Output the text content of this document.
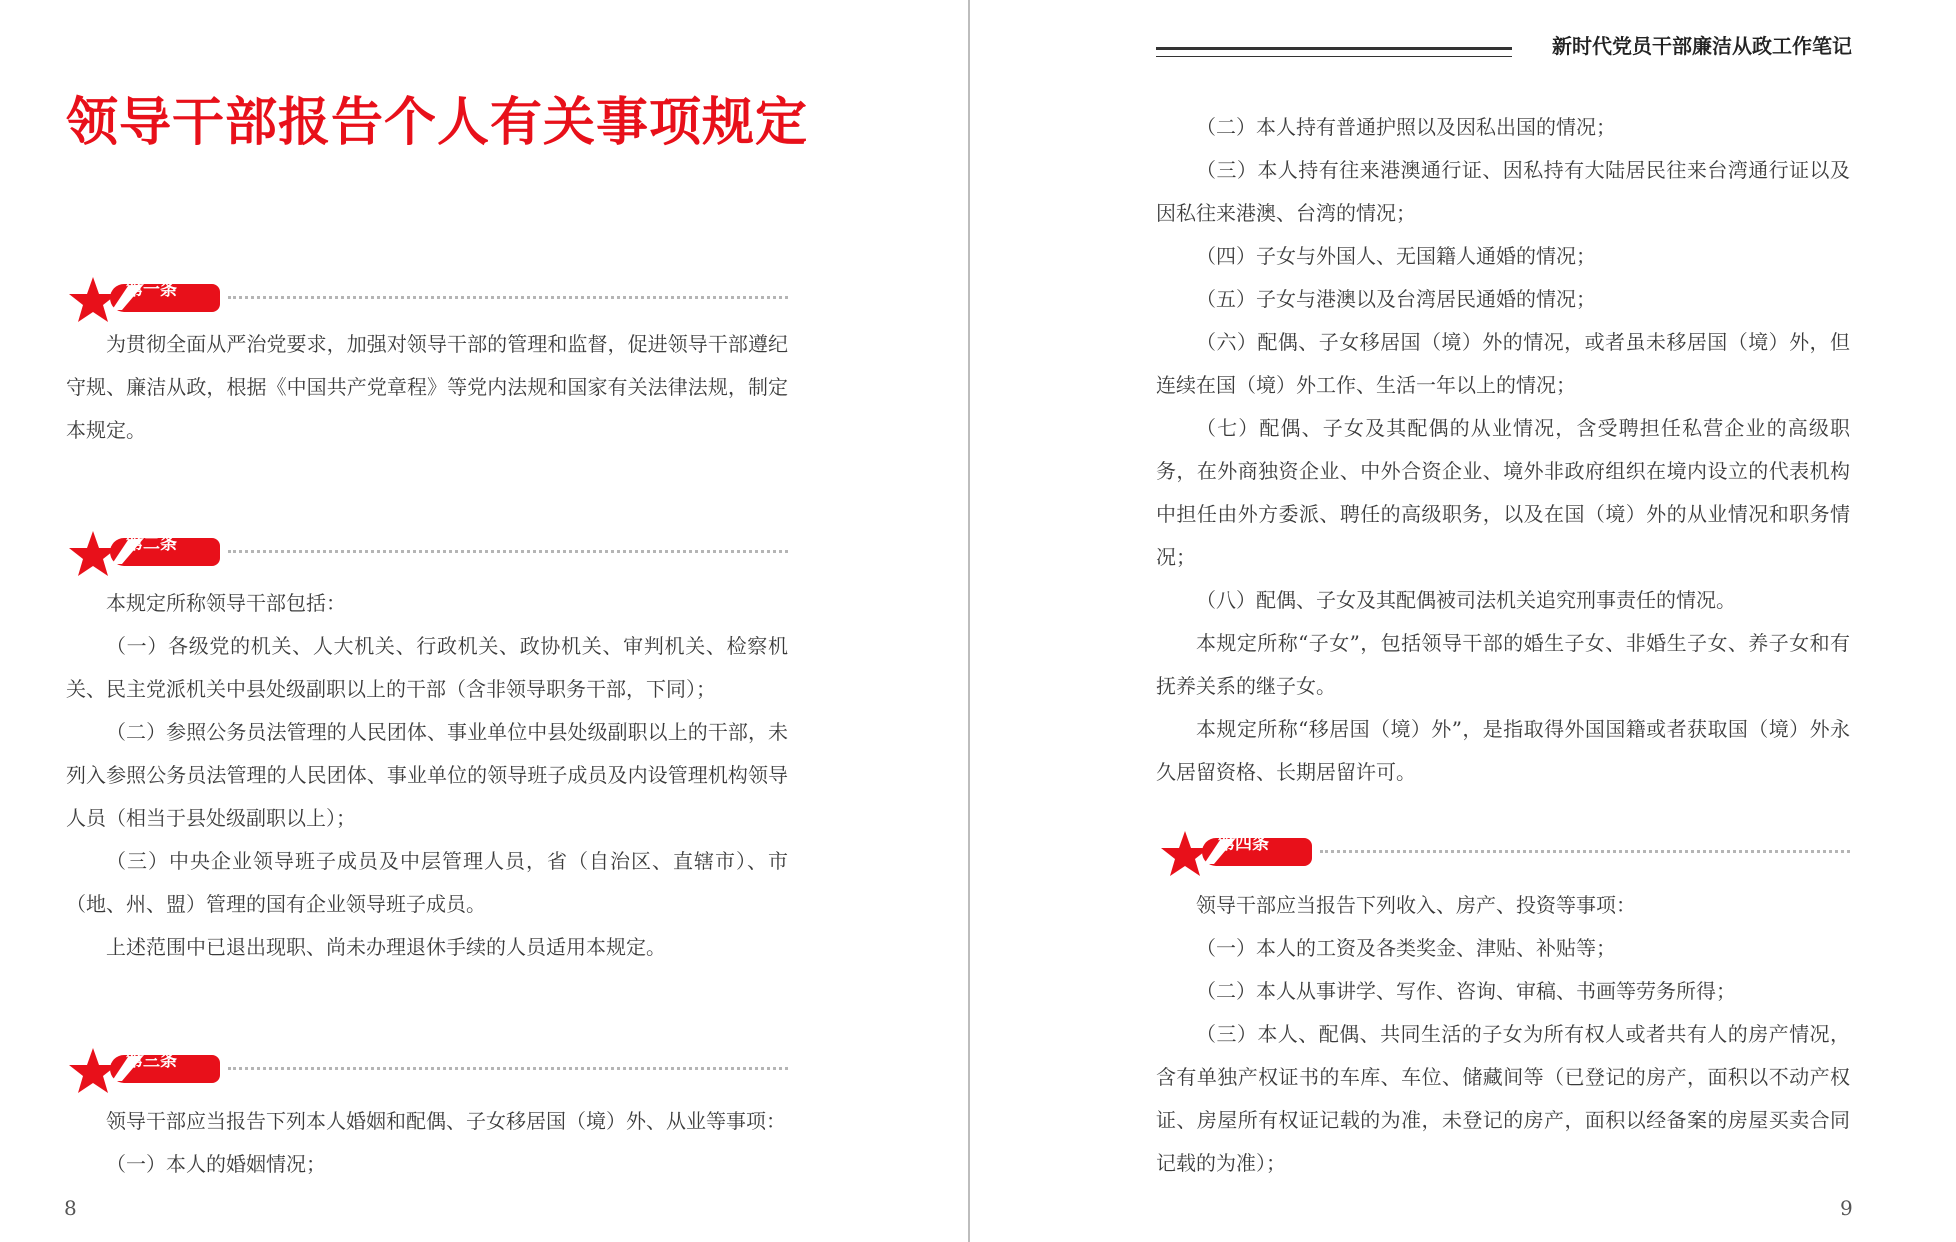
领导干部报告个人有关事项规定
第一条

为贯彻全面从严治党要求，加强对领导干部的管理和监督，促进领导干部遵纪守规、廉洁从政，根据《中国共产党章程》等党内法规和国家有关法律法规，制定本规定。

第二条

本规定所称领导干部包括：

（一）各级党的机关、人大机关、行政机关、政协机关、审判机关、检察机关、民主党派机关中县处级副职以上的干部（含非领导职务干部，下同）；

（二）参照公务员法管理的人民团体、事业单位中县处级副职以上的干部，未列入参照公务员法管理的人民团体、事业单位的领导班子成员及内设管理机构领导人员（相当于县处级副职以上）；

（三）中央企业领导班子成员及中层管理人员，省（自治区、直辖市）、市（地、州、盟）管理的国有企业领导班子成员。

上述范围中已退出现职、尚未办理退休手续的人员适用本规定。

第三条

领导干部应当报告下列本人婚姻和配偶、子女移居国（境）外、从业等事项：

（一）本人的婚姻情况；

8
新时代党员干部廉洁从政工作笔记

（二）本人持有普通护照以及因私出国的情况；

（三）本人持有往来港澳通行证、因私持有大陆居民往来台湾通行证以及因私往来港澳、台湾的情况；

（四）子女与外国人、无国籍人通婚的情况；

（五）子女与港澳以及台湾居民通婚的情况；

（六）配偶、子女移居国（境）外的情况，或者虽未移居国（境）外，但连续在国（境）外工作、生活一年以上的情况；

（七）配偶、子女及其配偶的从业情况，含受聘担任私营企业的高级职务，在外商独资企业、中外合资企业、境外非政府组织在境内设立的代表机构中担任由外方委派、聘任的高级职务，以及在国（境）外的从业情况和职务情况；

（八）配偶、子女及其配偶被司法机关追究刑事责任的情况。

本规定所称“子女”，包括领导干部的婚生子女、非婚生子女、养子女和有抚养关系的继子女。

本规定所称“移居国（境）外”，是指取得外国国籍或者获取国（境）外永久居留资格、长期居留许可。

第四条

领导干部应当报告下列收入、房产、投资等事项：

（一）本人的工资及各类奖金、津贴、补贴等；

（二）本人从事讲学、写作、咨询、审稿、书画等劳务所得；

（三）本人、配偶、共同生活的子女为所有权人或者共有人的房产情况，含有单独产权证书的车库、车位、储藏间等（已登记的房产，面积以不动产权证、房屋所有权证记载的为准，未登记的房产，面积以经备案的房屋买卖合同记载的为准）；

9
